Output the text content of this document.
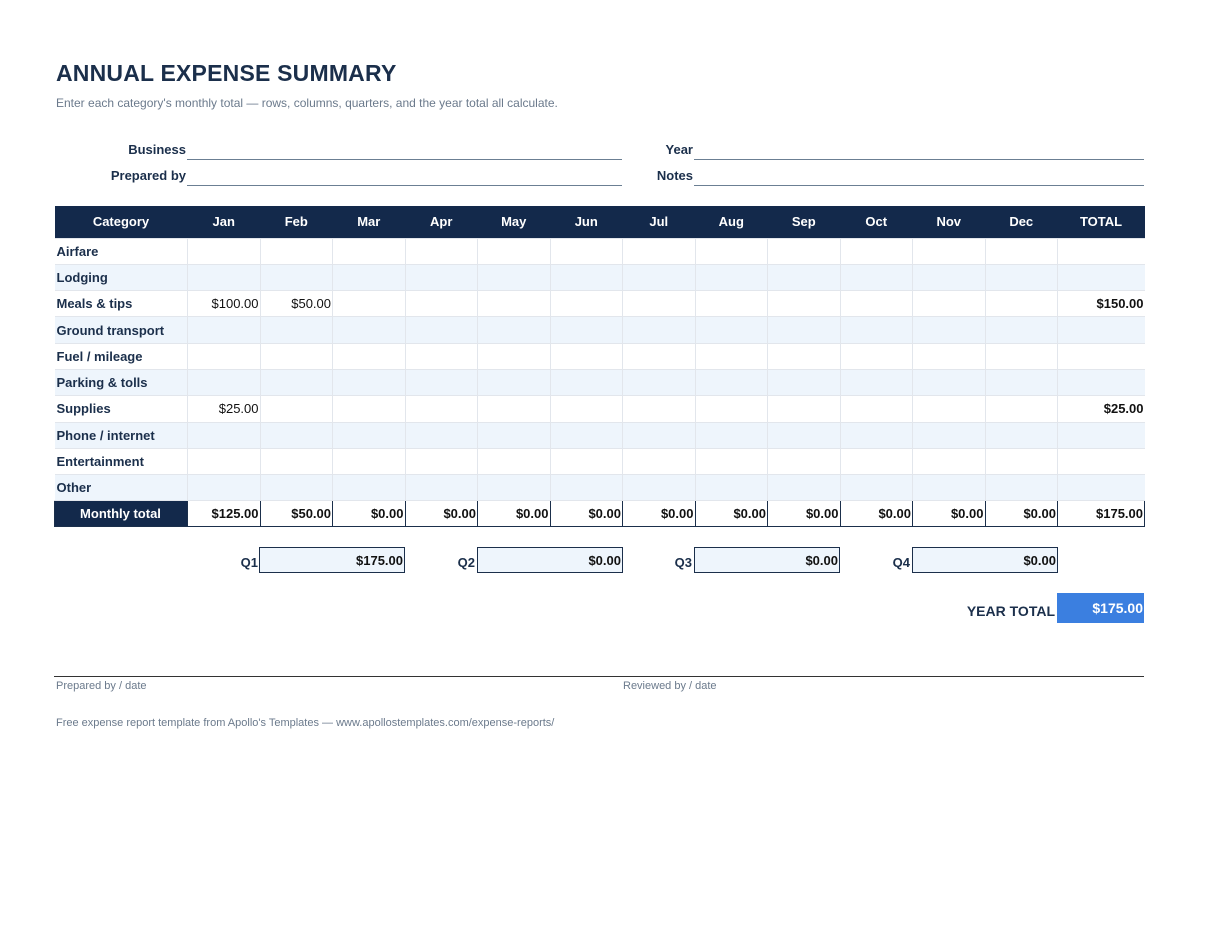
ANNUAL EXPENSE SUMMARY
Enter each category's monthly total — rows, columns, quarters, and the year total all calculate.
Business
Prepared by
Year
Notes
Category	Jan	Feb	Mar	Apr	May	Jun	Jul	Aug	Sep	Oct	Nov	Dec	TOTAL
Airfare													
Lodging													
Meals & tips	$100.00	$50.00											$150.00
Ground transport													
Fuel / mileage													
Parking & tolls													
Supplies	$25.00												$25.00
Phone / internet													
Entertainment													
Other													
Monthly total	$125.00	$50.00	$0.00	$0.00	$0.00	$0.00	$0.00	$0.00	$0.00	$0.00	$0.00	$0.00	$175.00
Q1	$175.00	Q2	$0.00	Q3	$0.00	Q4	$0.00
YEAR TOTAL	$175.00
Prepared by / date	Reviewed by / date
Free expense report template from Apollo's Templates — www.apollostemplates.com/expense-reports/
